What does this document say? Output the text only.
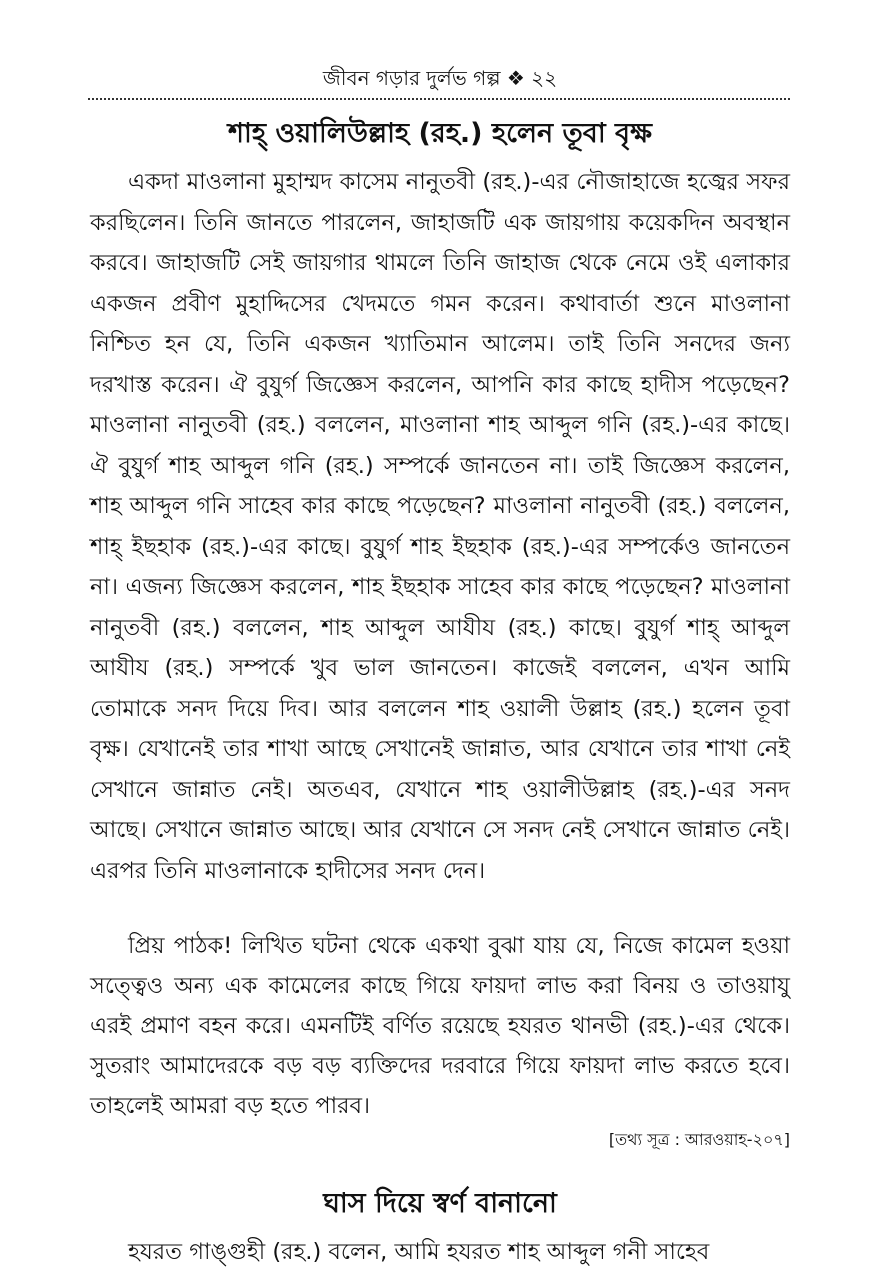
জীবন গড়ার দুর্লভ গল্প ❖ ২২
শাহ্ ওয়ালিউল্লাহ (রহ.) হলেন তূবা বৃক্ষ
একদা মাওলানা মুহাম্মদ কাসেম নানুতবী (রহ.)-এর নৌজাহাজে হজ্বের সফর করছিলেন। তিনি জানতে পারলেন, জাহাজটি এক জায়গায় কয়েকদিন অবস্থান করবে। জাহাজটি সেই জায়গার থামলে তিনি জাহাজ থেকে নেমে ওই এলাকার একজন প্রবীণ মুহাদ্দিসের খেদমতে গমন করেন। কথাবার্তা শুনে মাওলানা নিশ্চিত হন যে, তিনি একজন খ্যাতিমান আলেম। তাই তিনি সনদের জন্য দরখাস্ত করেন। ঐ বুযুর্গ জিজ্ঞেস করলেন, আপনি কার কাছে হাদীস পড়েছেন? মাওলানা নানুতবী (রহ.) বললেন, মাওলানা শাহ আব্দুল গনি (রহ.)-এর কাছে। ঐ বুযুর্গ শাহ আব্দুল গনি (রহ.) সম্পর্কে জানতেন না। তাই জিজ্ঞেস করলেন, শাহ আব্দুল গনি সাহেব কার কাছে পড়েছেন? মাওলানা নানুতবী (রহ.) বললেন, শাহ্ ইছহাক (রহ.)-এর কাছে। বুযুর্গ শাহ ইছহাক (রহ.)-এর সম্পর্কেও জানতেন না। এজন্য জিজ্ঞেস করলেন, শাহ ইছহাক সাহেব কার কাছে পড়েছেন? মাওলানা নানুতবী (রহ.) বললেন, শাহ আব্দুল আযীয (রহ.) কাছে। বুযুর্গ শাহ্ আব্দুল আযীয (রহ.) সম্পর্কে খুব ভাল জানতেন। কাজেই বললেন, এখন আমি তোমাকে সনদ দিয়ে দিব। আর বললেন শাহ ওয়ালী উল্লাহ (রহ.) হলেন তূবা বৃক্ষ। যেখানেই তার শাখা আছে সেখানেই জান্নাত, আর যেখানে তার শাখা নেই সেখানে জান্নাত নেই। অতএব, যেখানে শাহ ওয়ালীউল্লাহ (রহ.)-এর সনদ আছে। সেখানে জান্নাত আছে। আর যেখানে সে সনদ নেই সেখানে জান্নাত নেই। এরপর তিনি মাওলানাকে হাদীসের সনদ দেন।
প্রিয় পাঠক! লিখিত ঘটনা থেকে একথা বুঝা যায় যে, নিজে কামেল হওয়া সত্ত্বেও অন্য এক কামেলের কাছে গিয়ে ফায়দা লাভ করা বিনয় ও তাওয়াযু এরই প্রমাণ বহন করে। এমনটিই বর্ণিত রয়েছে হযরত থানভী (রহ.)-এর থেকে। সুতরাং আমাদেরকে বড় বড় ব্যক্তিদের দরবারে গিয়ে ফায়দা লাভ করতে হবে। তাহলেই আমরা বড় হতে পারব।
[তথ্য সূত্র : আরওয়াহ-২০৭]
ঘাস দিয়ে স্বর্ণ বানানো
হযরত গাঙ্গুহী (রহ.) বলেন, আমি হযরত শাহ আব্দুল গনী সাহেব
